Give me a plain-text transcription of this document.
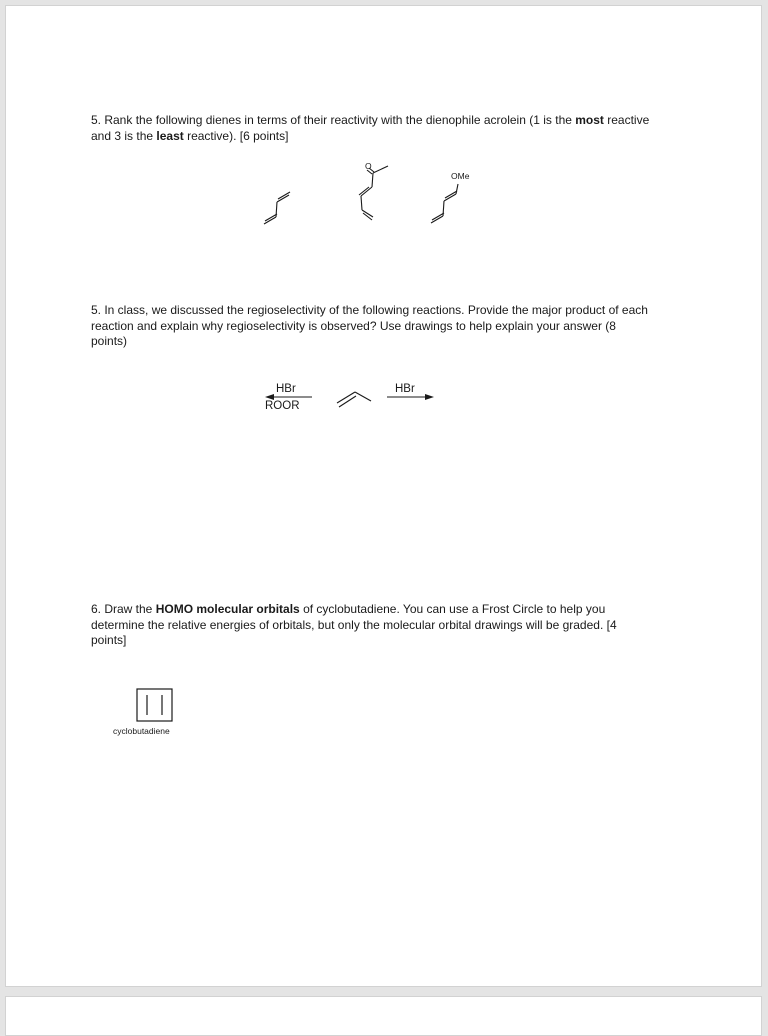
5. Rank the following dienes in terms of their reactivity with the dienophile acrolein (1 is the most reactive and 3 is the least reactive). [6 points]

O
OMe

5. In class, we discussed the regioselectivity of the following reactions. Provide the major product of each reaction and explain why regioselectivity is observed? Use drawings to help explain your answer (8 points)

HBr
ROOR
HBr

6. Draw the HOMO molecular orbitals of cyclobutadiene. You can use a Frost Circle to help you determine the relative energies of orbitals, but only the molecular orbital drawings will be graded. [4 points]

cyclobutadiene
